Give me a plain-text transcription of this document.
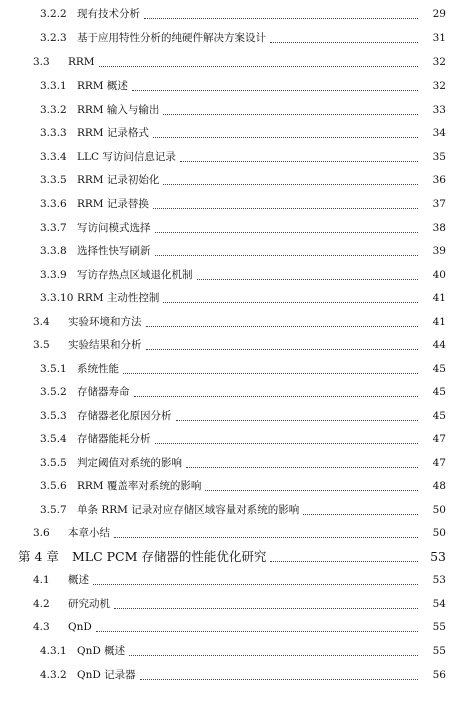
3.2.2 现有技术分析	29
3.2.3 基于应用特性分析的纯硬件解决方案设计	31
3.3	RRM	32
3.3.1 RRM 概述	32
3.3.2 RRM 输入与输出	33
3.3.3 RRM 记录格式	34
3.3.4 LLC 写访问信息记录	35
3.3.5 RRM 记录初始化	36
3.3.6 RRM 记录替换	37
3.3.7 写访问模式选择	38
3.3.8 选择性快写刷新	39
3.3.9 写访存热点区域退化机制	40
3.3.10 RRM 主动性控制	41
3.4	实验环境和方法	41
3.5	实验结果和分析	44
3.5.1 系统性能	45
3.5.2 存储器寿命	45
3.5.3 存储器老化原因分析	45
3.5.4 存储器能耗分析	47
3.5.5 判定阈值对系统的影响	47
3.5.6 RRM 覆盖率对系统的影响	48
3.5.7 单条 RRM 记录对应存储区域容量对系统的影响	50
3.6	本章小结	50
第 4 章	MLC PCM 存储器的性能优化研究	53
4.1	概述	53
4.2	研究动机	54
4.3	QnD	55
4.3.1 QnD 概述	55
4.3.2 QnD 记录器	56
